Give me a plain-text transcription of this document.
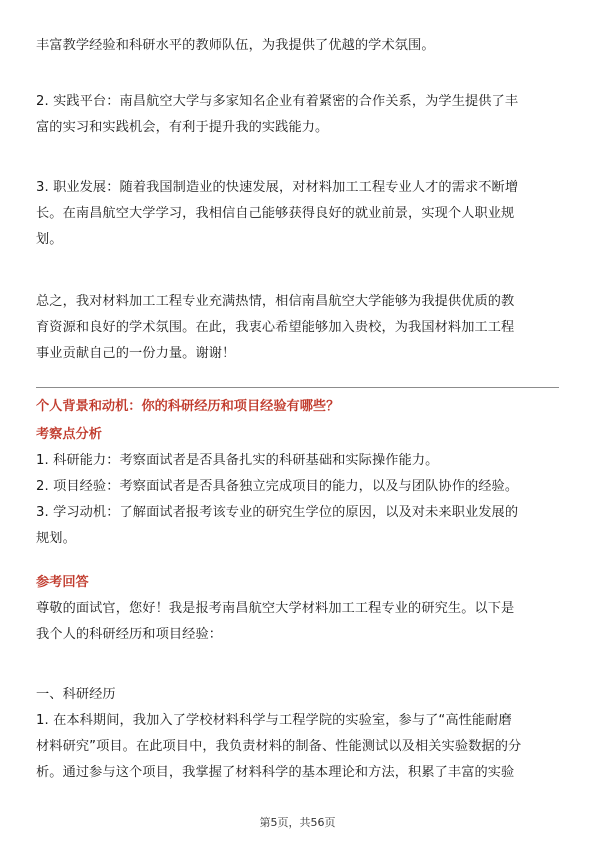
丰富教学经验和科研水平的教师队伍，为我提供了优越的学术氛围。
2. 实践平台：南昌航空大学与多家知名企业有着紧密的合作关系，为学生提供了丰
富的实习和实践机会，有利于提升我的实践能力。
3. 职业发展：随着我国制造业的快速发展，对材料加工工程专业人才的需求不断增
长。在南昌航空大学学习，我相信自己能够获得良好的就业前景，实现个人职业规
划。
总之，我对材料加工工程专业充满热情，相信南昌航空大学能够为我提供优质的教
育资源和良好的学术氛围。在此，我衷心希望能够加入贵校，为我国材料加工工程
事业贡献自己的一份力量。谢谢！
个人背景和动机：你的科研经历和项目经验有哪些？
考察点分析
1. 科研能力：考察面试者是否具备扎实的科研基础和实际操作能力。
2. 项目经验：考察面试者是否具备独立完成项目的能力，以及与团队协作的经验。
3. 学习动机：了解面试者报考该专业的研究生学位的原因，以及对未来职业发展的
规划。
参考回答
尊敬的面试官，您好！我是报考南昌航空大学材料加工工程专业的研究生。以下是
我个人的科研经历和项目经验：
一、科研经历
1. 在本科期间，我加入了学校材料科学与工程学院的实验室，参与了“高性能耐磨
材料研究”项目。在此项目中，我负责材料的制备、性能测试以及相关实验数据的分
析。通过参与这个项目，我掌握了材料科学的基本理论和方法，积累了丰富的实验
第5页，共56页
